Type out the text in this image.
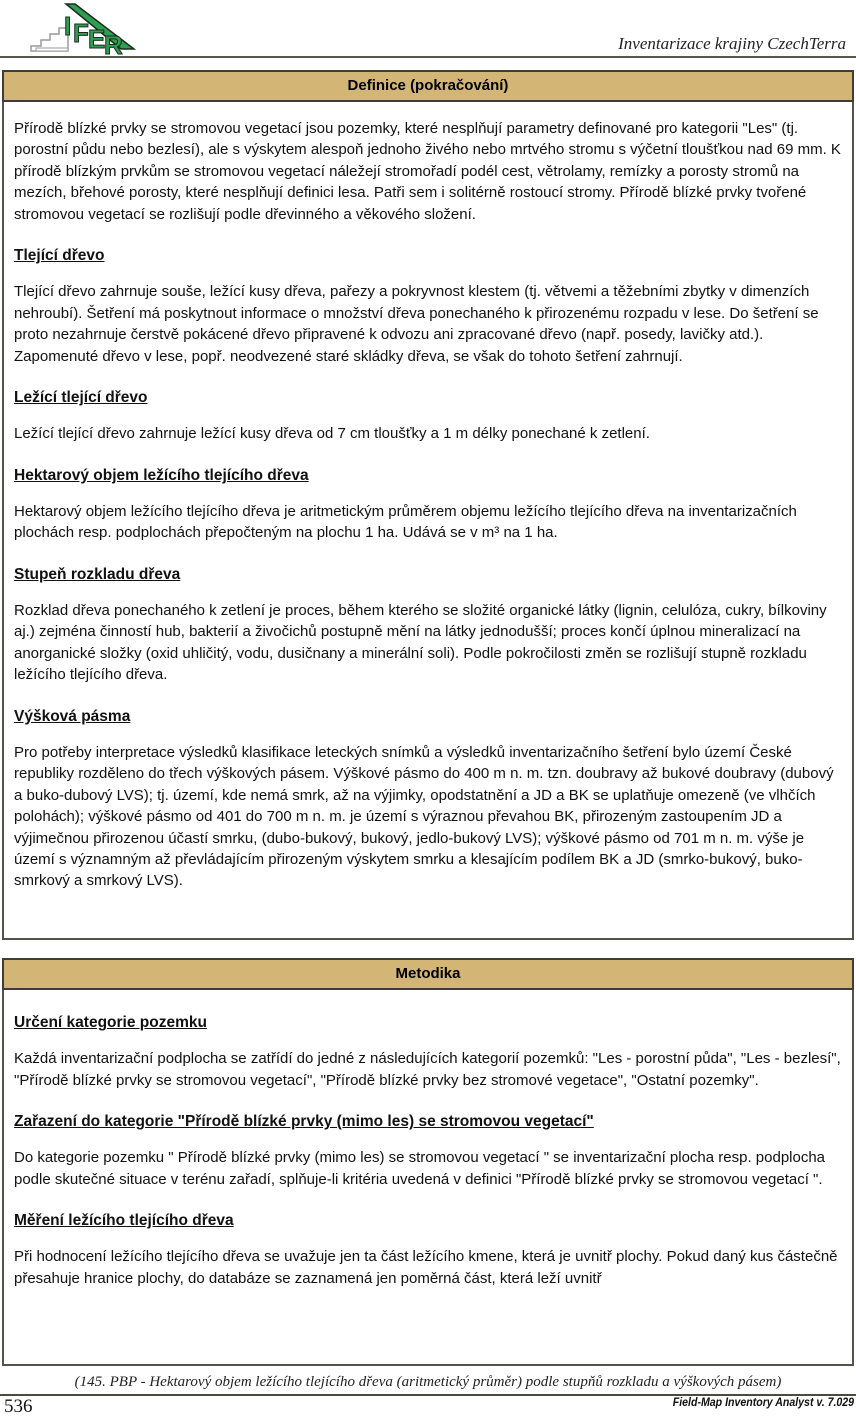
I F E
R	Inventarizace krajiny CzechTerra
Definice (pokračování)

Přírodě blízké prvky se stromovou vegetací jsou pozemky, které nesplňují parametry definované pro kategorii "Les" (tj. porostní půdu nebo bezlesí), ale s výskytem alespoň jednoho živého nebo mrtvého stromu s výčetní tloušťkou nad 69 mm. K přírodě blízkým prvkům se stromovou vegetací náležejí stromořadí podél cest, větrolamy, remízky a porosty stromů na mezích, břehové porosty, které nesplňují definici lesa. Patři sem i solitérně rostoucí stromy. Přírodě blízké prvky tvořené stromovou vegetací se rozlišují podle dřevinného a věkového složení.

Tlející dřevo

Tlející dřevo zahrnuje souše, ležící kusy dřeva, pařezy a pokryvnost klestem (tj. větvemi a těžebními zbytky v dimenzích nehroubí). Šetření má poskytnout informace o množství dřeva ponechaného k přirozenému rozpadu v lese. Do šetření se proto nezahrnuje čerstvě pokácené dřevo připravené k odvozu ani zpracované dřevo (např. posedy, lavičky atd.). Zapomenuté dřevo v lese, popř. neodvezené staré skládky dřeva, se však do tohoto šetření zahrnují.

Ležící tlející dřevo

Ležící tlející dřevo zahrnuje ležící kusy dřeva od 7 cm tloušťky a 1 m délky ponechané k zetlení.

Hektarový objem ležícího tlejícího dřeva

Hektarový objem ležícího tlejícího dřeva je aritmetickým průměrem objemu ležícího tlejícího dřeva na inventarizačních plochách resp. podplochách přepočteným na plochu 1 ha. Udává se v m³ na 1 ha.

Stupeň rozkladu dřeva

Rozklad dřeva ponechaného k zetlení je proces, během kterého se složité organické látky (lignin, celulóza, cukry, bílkoviny aj.) zejména činností hub, bakterií a živočichů postupně mění na látky jednodušší; proces končí úplnou mineralizací na anorganické složky (oxid uhličitý, vodu, dusičnany a minerální soli). Podle pokročilosti změn se rozlišují stupně rozkladu ležícího tlejícího dřeva.

Výšková pásma

Pro potřeby interpretace výsledků klasifikace leteckých snímků a výsledků inventarizačního šetření bylo území České republiky rozděleno do třech výškových pásem. Výškové pásmo do 400 m n. m. tzn. doubravy až bukové doubravy (dubový a buko-dubový LVS); tj. území, kde nemá smrk, až na výjimky, opodstatnění a JD a BK se uplatňuje omezeně (ve vlhčích polohách); výškové pásmo od 401 do 700 m n. m. je území s výraznou převahou BK, přirozeným zastoupením JD a výjimečnou přirozenou účastí smrku, (dubo-bukový, bukový, jedlo-bukový LVS); výškové pásmo od 701 m n. m. výše je území s významným až převládajícím přirozeným výskytem smrku a klesajícím podílem BK a JD (smrko-bukový, buko-smrkový a smrkový LVS).

Metodika
Určení kategorie pozemku

Každá inventarizační podplocha se zatřídí do jedné z následujících kategorií pozemků: "Les - porostní půda", "Les - bezlesí", "Přírodě blízké prvky se stromovou vegetací", "Přírodě blízké prvky bez stromové vegetace", "Ostatní pozemky".

Zařazení do kategorie "Přírodě blízké prvky (mimo les) se stromovou vegetací"

Do kategorie pozemku " Přírodě blízké prvky (mimo les) se stromovou vegetací " se inventarizační plocha resp. podplocha podle skutečné situace v terénu zařadí, splňuje-li kritéria uvedená v definici "Přírodě blízké prvky se stromovou vegetací ".

Měření ležícího tlejícího dřeva

Při hodnocení ležícího tlejícího dřeva se uvažuje jen ta část ležícího kmene, která je uvnitř plochy. Pokud daný kus částečně přesahuje hranice plochy, do databáze se zaznamená jen poměrná část, která leží uvnitř

(145. PBP - Hektarový objem ležícího tlejícího dřeva (aritmetický průměr) podle stupňů rozkladu a výškových pásem)
536	Field-Map Inventory Analyst v. 7.029
